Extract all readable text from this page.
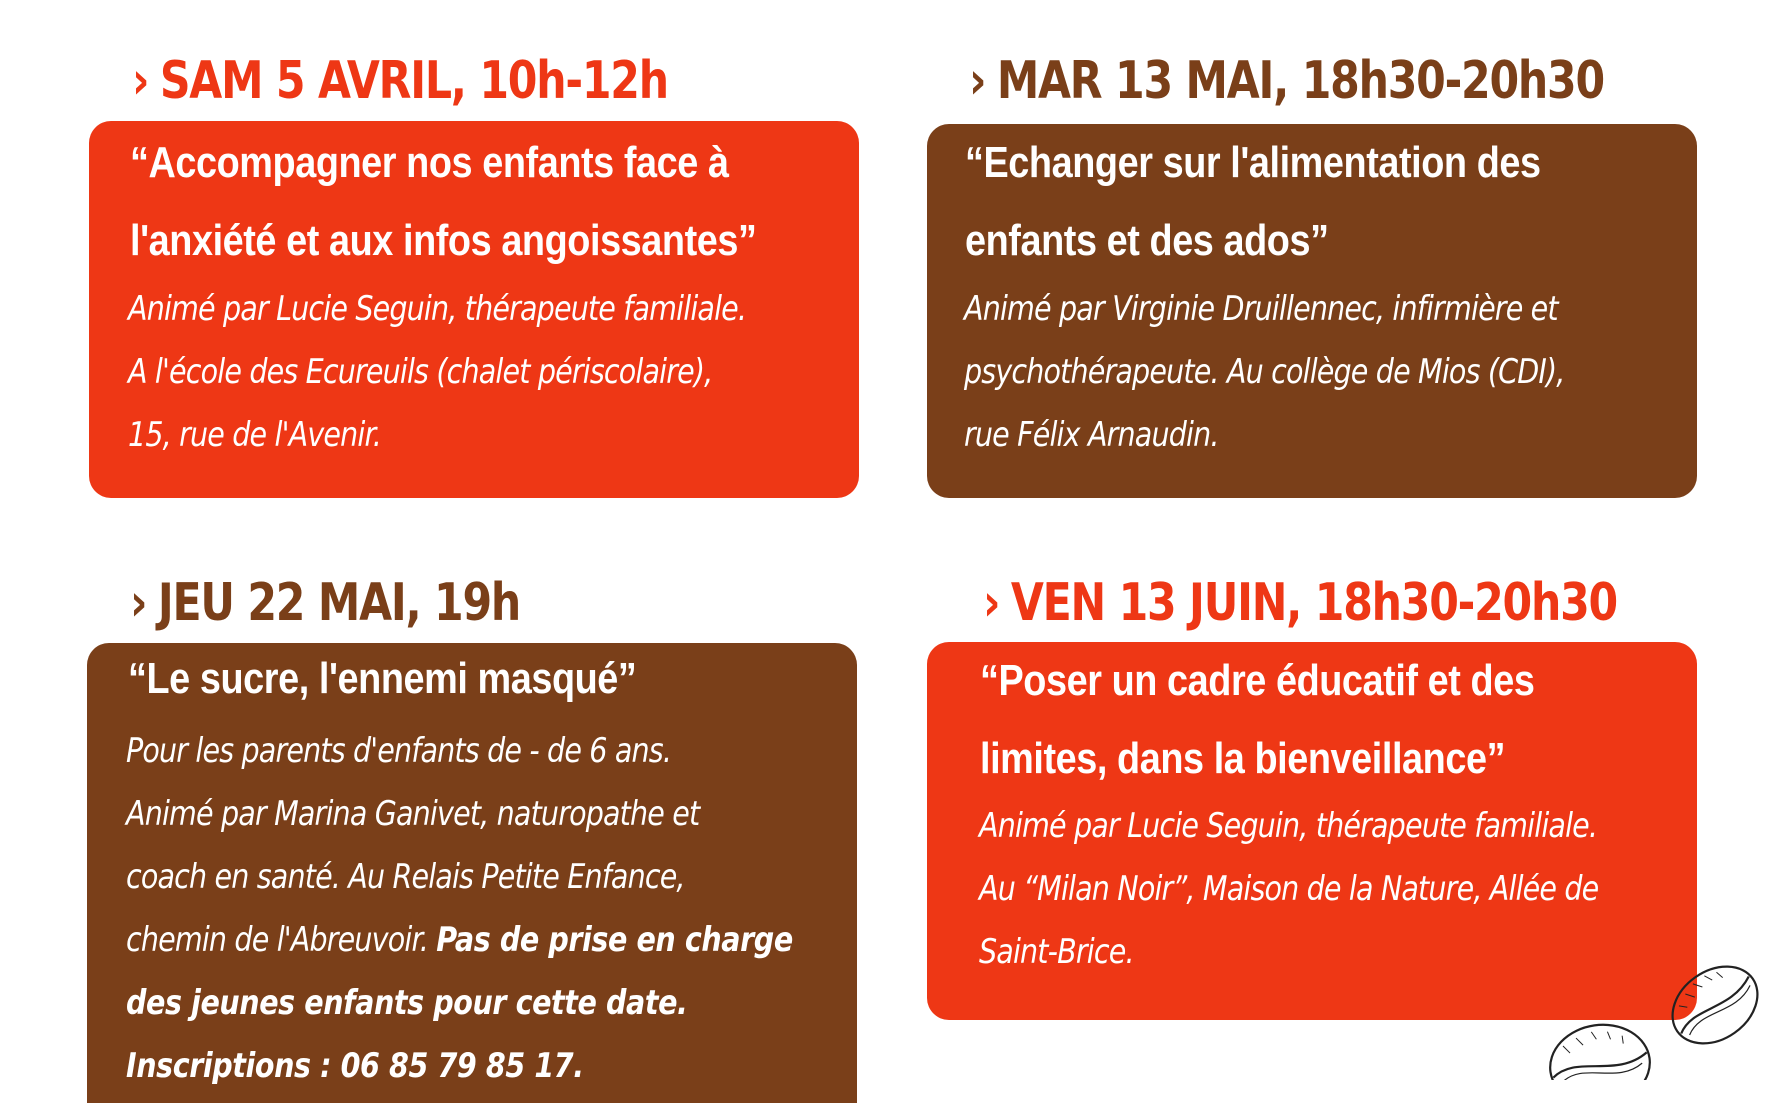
› SAM 5 AVRIL, 10h-12h
“Accompagner nos enfants face à
l'anxiété et aux infos angoissantes”
Animé par Lucie Seguin, thérapeute familiale.
A l'école des Ecureuils (chalet périscolaire),
15, rue de l'Avenir.
› MAR 13 MAI, 18h30-20h30
“Echanger sur l'alimentation des
enfants et des ados”
Animé par Virginie Druillennec, infirmière et
psychothérapeute. Au collège de Mios (CDI),
rue Félix Arnaudin.
› JEU 22 MAI, 19h
“Le sucre, l'ennemi masqué”
Pour les parents d'enfants de - de 6 ans.
Animé par Marina Ganivet, naturopathe et
coach en santé. Au Relais Petite Enfance,
chemin de l'Abreuvoir. Pas de prise en charge
des jeunes enfants pour cette date.
Inscriptions : 06 85 79 85 17.
› VEN 13 JUIN, 18h30-20h30
“Poser un cadre éducatif et des
limites, dans la bienveillance”
Animé par Lucie Seguin, thérapeute familiale.
Au “Milan Noir”, Maison de la Nature, Allée de
Saint-Brice.
